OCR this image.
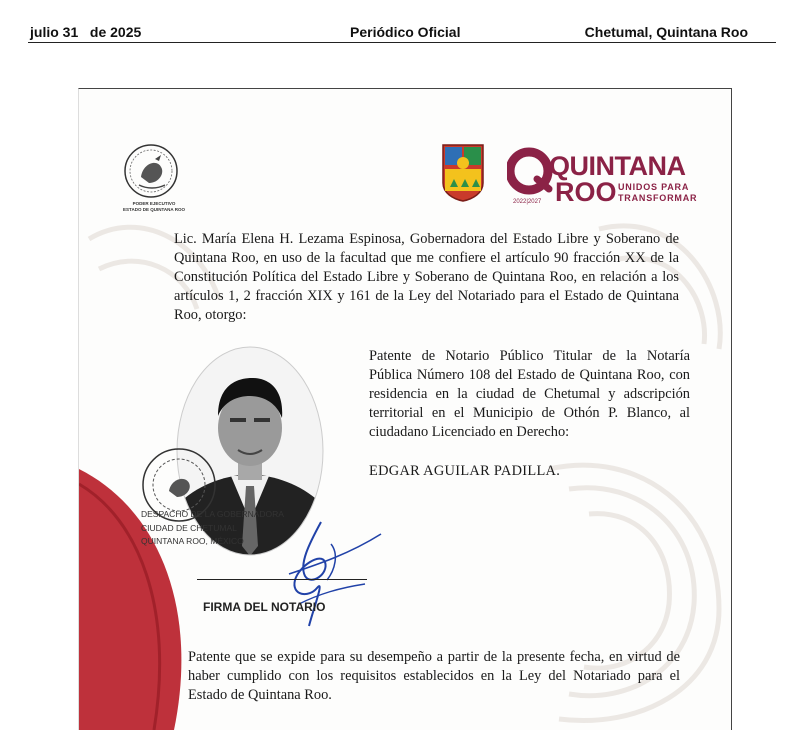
julio 31   de 2025	Periódico Oficial	Chetumal, Quintana Roo
PODER EJECUTIVO
ESTADO DE QUINTANA ROO
QUINTANA
ROO UNIDOS PARA
TRANSFORMAR
2022|2027
Lic. María Elena H. Lezama Espinosa, Gobernadora del Estado Libre y Soberano de Quintana Roo, en uso de la facultad que me confiere el artículo 90 fracción XX de la Constitución Política del Estado Libre y Soberano de Quintana Roo, en relación a los artículos 1, 2 fracción XIX y 161 de la Ley del Notariado para el Estado de Quintana Roo, otorgo:
DESPACHO DE LA GOBERNADORA
CIUDAD DE CHETUMAL
QUINTANA ROO, MÉXICO
Patente de Notario Público Titular de la Notaría Pública Número 108 del Estado de Quintana Roo, con residencia en la ciudad de Chetumal y adscripción territorial en el Municipio de Othón P. Blanco, al ciudadano Licenciado en Derecho:
EDGAR AGUILAR PADILLA.
FIRMA DEL NOTARIO
Patente que se expide para su desempeño a partir de la presente fecha, en virtud de haber cumplido con los requisitos establecidos en la Ley del Notariado para el Estado de Quintana Roo.
